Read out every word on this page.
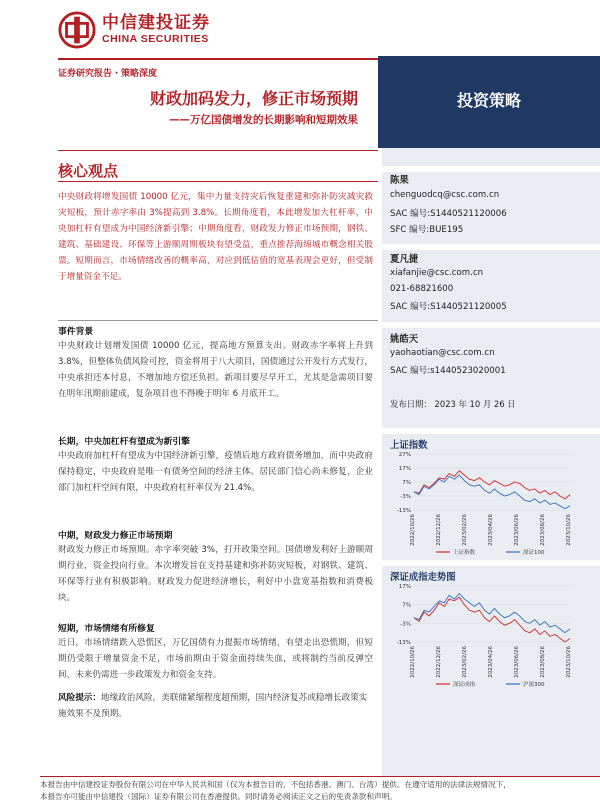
中信建投证券
CHINA SECURITIES
证券研究报告・策略深度
财政加码发力，修正市场预期
——万亿国债增发的长期影响和短期效果
投资策略
核心观点
中央财政将增发国债 10000 亿元，集中力量支持灾后恢复重建和弥补防灾减灾救灾短板，预计赤字率由 3%提高到 3.8%。长期角度看，本此增发加大杠杆率，中央加杠杆有望成为中国经济新引擎；中期角度看，财政发力修正市场预期，钢铁、建筑、基础建设、环保等上游顺周期板块有望受益，重点推荐海绵城市概念相关股票。短期而言，市场情绪改善的概率高，对应到低估值的宽基表现会更好，但受制于增量资金不足。
事件背景
中央财政计划增发国债 10000 亿元，提高地方预算支出。财政赤字率将上升到 3.8%，但整体负债风险可控，资金将用于八大项目，国债通过公开发行方式发行，中央承担还本付息，不增加地方偿还负担。新项目要尽早开工，尤其是急需项目要在明年汛期前建成，复杂项目也不得晚于明年 6 月底开工。
长期，中央加杠杆有望成为新引擎
中央政府加杠杆有望成为中国经济新引擎，疫情后地方政府债务增加，而中央政府保持稳定，中央政府是唯一有债务空间的经济主体。居民部门信心尚未修复，企业部门加杠杆空间有限，中央政府杠杆率仅为 21.4%。
中期，财政发力修正市场预期
财政发力修正市场预期。赤字率突破 3%，打开政策空间。国债增发利好上游顺周期行业，资金投向行业。本次增发旨在支持基建和弥补防灾短板，对钢铁、建筑、环保等行业有积极影响。财政发力促进经济增长，利好中小盘宽基指数和消费板块。
短期，市场情绪有所修复
近日，市场情绪跌入恐慌区，万亿国债有力提振市场情绪，有望走出恐慌期，但短期仍受限于增量资金不足，市场前期由于资金面持续失血，或将制约当前反弹空间，未来仍需进一步政策发力和资金支持。
风险提示：地缘政治风险，美联储紧缩程度超预期，国内经济复苏或稳增长政策实施效果不及预期。
陈果
chenguodcq@csc.com.cn
SAC 编号:S1440521120006
SFC 编号:BUE195
夏凡捷
xiafanjie@csc.com.cn
021-68821600
SAC 编号:S1440521120005
姚皓天
yaohaotian@csc.com.cn
SAC 编号:s1440523020001
发布日期： 2023 年 10 月 26 日
上证指数
27%
17%
7%
-3%
-13%
2022/10/26	2022/12/26	2023/02/26	2023/04/26	2023/06/26	2023/08/26	2023/10/26
上证指数	深证100
深证成指走势图
17%
7%
-3%
-13%
2022/10/26	2022/12/26	2023/02/26	2023/04/26	2023/06/26	2023/08/26	2023/10/26
深证成指	沪深300
本报告由中信建投证券股份有限公司在中华人民共和国（仅为本报告目的，不包括香港、澳门、台湾）提供。在遵守适用的法律法规情况下，
本报告亦可能由中信建投（国际）证券有限公司在香港提供。同时请务必阅读正文之后的免责条款和声明。
